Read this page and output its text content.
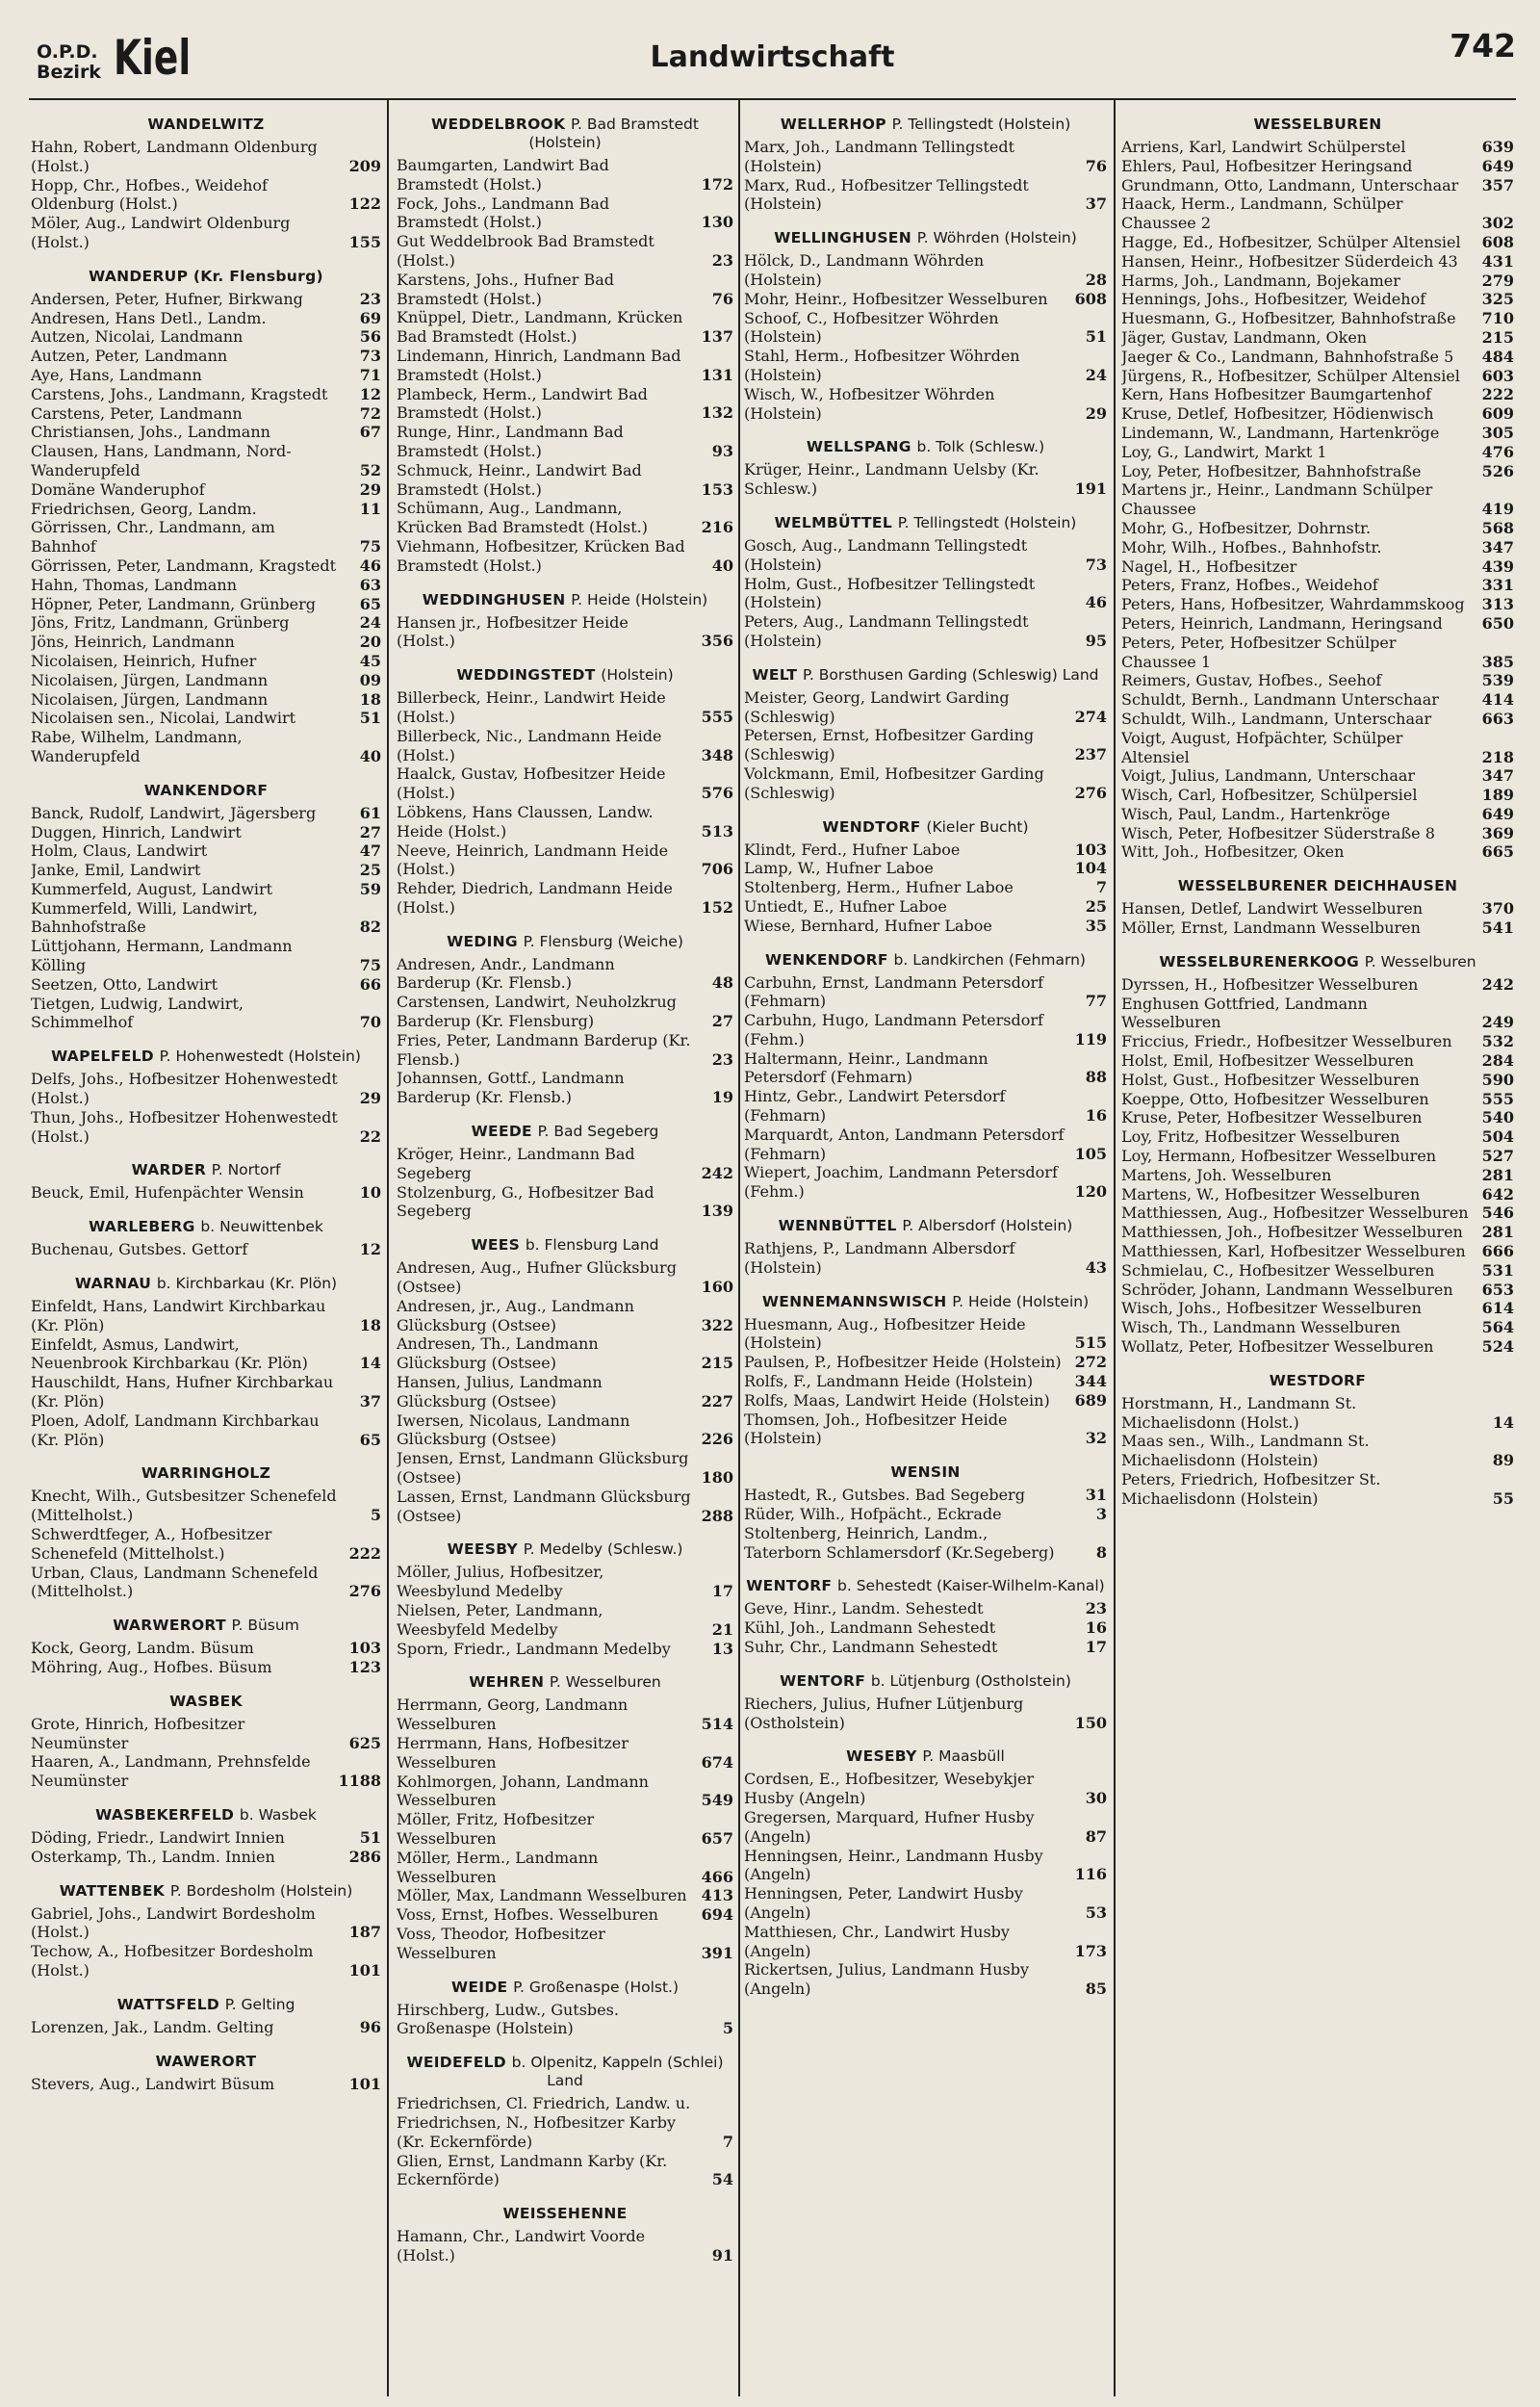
O.P.D.
Bezirk Kiel	Landwirtschaft	742
WANDELWITZ
Hahn, Robert, Landmann Oldenburg (Holst.)	209
Hopp, Chr., Hofbes., Weidehof Oldenburg (Holst.)	122
Möler, Aug., Landwirt Oldenburg (Holst.)	155
WANDERUP (Kr. Flensburg)
Andersen, Peter, Hufner, Birkwang	23
Andresen, Hans Detl., Landm.	69
Autzen, Nicolai, Landmann	56
Autzen, Peter, Landmann	73
Aye, Hans, Landmann	71
Carstens, Johs., Landmann, Kragstedt	12
Carstens, Peter, Landmann	72
Christiansen, Johs., Landmann	67
Clausen, Hans, Landmann, Nord-Wanderupfeld	52
Domäne Wanderuphof	29
Friedrichsen, Georg, Landm.	11
Görrissen, Chr., Landmann, am Bahnhof	75
Görrissen, Peter, Landmann, Kragstedt 46
Hahn, Thomas, Landmann	63
Höpner, Peter, Landmann, Grünberg	65
Jöns, Fritz, Landmann, Grünberg	24
Jöns, Heinrich, Landmann	20
Nicolaisen, Heinrich, Hufner	45
Nicolaisen, Jürgen, Landmann	09
Nicolaisen, Jürgen, Landmann	18
Nicolaisen sen., Nicolai, Landwirt	51
Rabe, Wilhelm, Landmann, Wanderupfeld	40
WANKENDORF
Banck, Rudolf, Landwirt, Jägersberg	61
Duggen, Hinrich, Landwirt	27
Holm, Claus, Landwirt	47
Janke, Emil, Landwirt	25
Kummerfeld, August, Landwirt	59
Kummerfeld, Willi, Landwirt, Bahnhofstraße	82
Lüttjohann, Hermann, Landmann Kölling	75
Seetzen, Otto, Landwirt	66
Tietgen, Ludwig, Landwirt, Schimmelhof	70
WAPELFELD P. Hohenwestedt (Holstein)
Delfs, Johs., Hofbesitzer Hohenwestedt (Holst.)	29
Thun, Johs., Hofbesitzer Hohenwestedt (Holst.)	22
WARDER P. Nortorf
Beuck, Emil, Hufenpächter Wensin	10
WARLEBERG b. Neuwittenbek
Buchenau, Gutsbes. Gettorf	12
WARNAU b. Kirchbarkau (Kr. Plön)
Einfeldt, Hans, Landwirt Kirchbarkau (Kr. Plön)	18
Einfeldt, Asmus, Landwirt, Neuenbrook Kirchbarkau (Kr. Plön)	14
Hauschildt, Hans, Hufner Kirchbarkau (Kr. Plön)	37
Ploen, Adolf, Landmann Kirchbarkau (Kr. Plön)	65
WARRINGHOLZ
Knecht, Wilh., Gutsbesitzer Schenefeld (Mittelholst.)	5
Schwerdtfeger, A., Hofbesitzer Schenefeld (Mittelholst.)	222
Urban, Claus, Landmann Schenefeld (Mittelholst.)	276
WARWERORT P. Büsum
Kock, Georg, Landm. Büsum	103
Möhring, Aug., Hofbes. Büsum	123
WASBEK
Grote, Hinrich, Hofbesitzer Neumünster	625
Haaren, A., Landmann, Prehnsfelde Neumünster	1188
WASBEKERFELD b. Wasbek
Döding, Friedr., Landwirt Innien	51
Osterkamp, Th., Landm. Innien	286
WATTENBEK P. Bordesholm (Holstein)
Gabriel, Johs., Landwirt Bordesholm (Holst.)	187
Techow, A., Hofbesitzer Bordesholm (Holst.)	101
WATTSFELD P. Gelting
Lorenzen, Jak., Landm. Gelting	96
WAWERORT
Stevers, Aug., Landwirt Büsum	101
WEDDELBROOK P. Bad Bramstedt (Holstein)
Baumgarten, Landwirt Bad Bramstedt (Holst.)	172
Fock, Johs., Landmann Bad Bramstedt (Holst.)	130
Gut Weddelbrook Bad Bramstedt (Holst.)	23
Karstens, Johs., Hufner Bad Bramstedt (Holst.)	76
Knüppel, Dietr., Landmann, Krücken Bad Bramstedt (Holst.)	137
Lindemann, Hinrich, Landmann Bad Bramstedt (Holst.)	131
Plambeck, Herm., Landwirt Bad Bramstedt (Holst.)	132
Runge, Hinr., Landmann Bad Bramstedt (Holst.)	93
Schmuck, Heinr., Landwirt Bad Bramstedt (Holst.)	153
Schümann, Aug., Landmann, Krücken Bad Bramstedt (Holst.)	216
Viehmann, Hofbesitzer, Krücken Bad Bramstedt (Holst.)	40
WEDDINGHUSEN P. Heide (Holstein)
Hansen jr., Hofbesitzer Heide (Holst.)	356
WEDDINGSTEDT (Holstein)
Billerbeck, Heinr., Landwirt Heide (Holst.)	555
Billerbeck, Nic., Landmann Heide (Holst.)	348
Haalck, Gustav, Hofbesitzer Heide (Holst.)	576
Löbkens, Hans Claussen, Landw. Heide (Holst.)	513
Neeve, Heinrich, Landmann Heide (Holst.)	706
Rehder, Diedrich, Landmann Heide (Holst.)	152
WEDING P. Flensburg (Weiche)
Andresen, Andr., Landmann Barderup (Kr. Flensb.)	48
Carstensen, Landwirt, Neuholzkrug Barderup (Kr. Flensburg)	27
Fries, Peter, Landmann Barderup (Kr. Flensb.)	23
Johannsen, Gottf., Landmann Barderup (Kr. Flensb.)	19
WEEDE P. Bad Segeberg
Kröger, Heinr., Landmann Bad Segeberg	242
Stolzenburg, G., Hofbesitzer Bad Segeberg	139
WEES b. Flensburg Land
Andresen, Aug., Hufner Glücksburg (Ostsee)	160
Andresen, jr., Aug., Landmann Glücksburg (Ostsee)	322
Andresen, Th., Landmann Glücksburg (Ostsee)	215
Hansen, Julius, Landmann Glücksburg (Ostsee)	227
Iwersen, Nicolaus, Landmann Glücksburg (Ostsee)	226
Jensen, Ernst, Landmann Glücksburg (Ostsee)	180
Lassen, Ernst, Landmann Glücksburg (Ostsee)	288
WEESBY P. Medelby (Schlesw.)
Möller, Julius, Hofbesitzer, Weesbylund Medelby	17
Nielsen, Peter, Landmann, Weesbyfeld Medelby	21
Sporn, Friedr., Landmann Medelby	13
WEHREN P. Wesselburen
Herrmann, Georg, Landmann Wesselburen	514
Herrmann, Hans, Hofbesitzer Wesselburen	674
Kohlmorgen, Johann, Landmann Wesselburen	549
Möller, Fritz, Hofbesitzer Wesselburen	657
Möller, Herm., Landmann Wesselburen	466
Möller, Max, Landmann Wesselburen 413
Voss, Ernst, Hofbes. Wesselburen	694
Voss, Theodor, Hofbesitzer Wesselburen	391
WEIDE P. Großenaspe (Holst.)
Hirschberg, Ludw., Gutsbes. Großenaspe (Holstein)	5
WEIDEFELD b. Olpenitz, Kappeln (Schlei) Land
Friedrichsen, Cl. Friedrich, Landw. u. Friedrichsen, N., Hofbesitzer Karby (Kr. Eckernförde)	7
Glien, Ernst, Landmann Karby (Kr. Eckernförde)	54
WEISSEHENNE
Hamann, Chr., Landwirt Voorde (Holst.)	91
WELLERHOP P. Tellingstedt (Holstein)
Marx, Joh., Landmann Tellingstedt (Holstein)	76
Marx, Rud., Hofbesitzer Tellingstedt (Holstein)	37
WELLINGHUSEN P. Wöhrden (Holstein)
Hölck, D., Landmann Wöhrden (Holstein)	28
Mohr, Heinr., Hofbesitzer Wesselburen	608
Schoof, C., Hofbesitzer Wöhrden (Holstein)	51
Stahl, Herm., Hofbesitzer Wöhrden (Holstein)	24
Wisch, W., Hofbesitzer Wöhrden (Holstein)	29
WELLSPANG b. Tolk (Schlesw.)
Krüger, Heinr., Landmann Uelsby (Kr. Schlesw.)	191
WELMBÜTTEL P. Tellingstedt (Holstein)
Gosch, Aug., Landmann Tellingstedt (Holstein)	73
Holm, Gust., Hofbesitzer Tellingstedt (Holstein)	46
Peters, Aug., Landmann Tellingstedt (Holstein)	95
WELT P. Borsthusen Garding (Schleswig) Land
Meister, Georg, Landwirt Garding (Schleswig)	274
Petersen, Ernst, Hofbesitzer Garding (Schleswig)	237
Volckmann, Emil, Hofbesitzer Garding (Schleswig)	276
WENDTORF (Kieler Bucht)
Klindt, Ferd., Hufner Laboe	103
Lamp, W., Hufner Laboe	104
Stoltenberg, Herm., Hufner Laboe	7
Untiedt, E., Hufner Laboe	25
Wiese, Bernhard, Hufner Laboe	35
WENKENDORF b. Landkirchen (Fehmarn)
Carbuhn, Ernst, Landmann Petersdorf (Fehmarn)	77
Carbuhn, Hugo, Landmann Petersdorf (Fehm.)	119
Haltermann, Heinr., Landmann Petersdorf (Fehmarn)	88
Hintz, Gebr., Landwirt Petersdorf (Fehmarn)	16
Marquardt, Anton, Landmann Petersdorf (Fehmarn)	105
Wiepert, Joachim, Landmann Petersdorf (Fehm.)	120
WENNBÜTTEL P. Albersdorf (Holstein)
Rathjens, P., Landmann Albersdorf (Holstein)	43
WENNEMANNSWISCH P. Heide (Holstein)
Huesmann, Aug., Hofbesitzer Heide (Holstein)	515
Paulsen, P., Hofbesitzer Heide (Holstein) 272
Rolfs, F., Landmann Heide (Holstein)	344
Rolfs, Maas, Landwirt Heide (Holstein)	689
Thomsen, Joh., Hofbesitzer Heide (Holstein)	32
WENSIN
Hastedt, R., Gutsbes. Bad Segeberg	31
Rüder, Wilh., Hofpächt., Eckrade	3
Stoltenberg, Heinrich, Landm., Taterborn Schlamersdorf (Kr.Segeberg)	8
WENTORF b. Sehestedt (Kaiser-Wilhelm-Kanal)
Geve, Hinr., Landm. Sehestedt	23
Kühl, Joh., Landmann Sehestedt	16
Suhr, Chr., Landmann Sehestedt	17
WENTORF b. Lütjenburg (Ostholstein)
Riechers, Julius, Hufner Lütjenburg (Ostholstein)	150
WESEBY P. Maasbüll
Cordsen, E., Hofbesitzer, Wesebykjer Husby (Angeln)	30
Gregersen, Marquard, Hufner Husby (Angeln)	87
Henningsen, Heinr., Landmann Husby (Angeln)	116
Henningsen, Peter, Landwirt Husby (Angeln)	53
Matthiesen, Chr., Landwirt Husby (Angeln)	173
Rickertsen, Julius, Landmann Husby (Angeln)	85
WESSELBUREN
Arriens, Karl, Landwirt Schülperstel	639
Ehlers, Paul, Hofbesitzer Heringsand	649
Grundmann, Otto, Landmann, Unterschaar	357
Haack, Herm., Landmann, Schülper Chaussee 2	302
Hagge, Ed., Hofbesitzer, Schülper Altensiel	608
Hansen, Heinr., Hofbesitzer Süderdeich 43	431
Harms, Joh., Landmann, Bojekamer	279
Hennings, Johs., Hofbesitzer, Weidehof	325
Huesmann, G., Hofbesitzer, Bahnhofstraße	710
Jäger, Gustav, Landmann, Oken	215
Jaeger & Co., Landmann, Bahnhofstraße 5	484
Jürgens, R., Hofbesitzer, Schülper Altensiel	603
Kern, Hans Hofbesitzer Baumgartenhof	222
Kruse, Detlef, Hofbesitzer, Hödienwisch	609
Lindemann, W., Landmann, Hartenkröge	305
Loy, G., Landwirt, Markt 1	476
Loy, Peter, Hofbesitzer, Bahnhofstraße	526
Martens jr., Heinr., Landmann Schülper Chaussee	419
Mohr, G., Hofbesitzer, Dohrnstr.	568
Mohr, Wilh., Hofbes., Bahnhofstr.	347
Nagel, H., Hofbesitzer	439
Peters, Franz, Hofbes., Weidehof	331
Peters, Hans, Hofbesitzer, Wahrdammskoog	313
Peters, Heinrich, Landmann, Heringsand	650
Peters, Peter, Hofbesitzer Schülper Chaussee 1	385
Reimers, Gustav, Hofbes., Seehof	539
Schuldt, Bernh., Landmann Unterschaar	414
Schuldt, Wilh., Landmann, Unterschaar	663
Voigt, August, Hofpächter, Schülper Altensiel	218
Voigt, Julius, Landmann, Unterschaar	347
Wisch, Carl, Hofbesitzer, Schülpersiel	189
Wisch, Paul, Landm., Hartenkröge	649
Wisch, Peter, Hofbesitzer Süderstraße 8	369
Witt, Joh., Hofbesitzer, Oken	665
WESSELBURENER DEICHHAUSEN
Hansen, Detlef, Landwirt Wesselburen	370
Möller, Ernst, Landmann Wesselburen	541
WESSELBURENERKOOG P. Wesselburen
Dyrssen, H., Hofbesitzer Wesselburen	242
Enghusen Gottfried, Landmann Wesselburen	249
Friccius, Friedr., Hofbesitzer Wesselburen	532
Holst, Emil, Hofbesitzer Wesselburen	284
Holst, Gust., Hofbesitzer Wesselburen	590
Koeppe, Otto, Hofbesitzer Wesselburen	555
Kruse, Peter, Hofbesitzer Wesselburen	540
Loy, Fritz, Hofbesitzer Wesselburen	504
Loy, Hermann, Hofbesitzer Wesselburen	527
Martens, Joh. Wesselburen	281
Martens, W., Hofbesitzer Wesselburen	642
Matthiessen, Aug., Hofbesitzer Wesselburen 546
Matthiessen, Joh., Hofbesitzer Wesselburen	281
Matthiessen, Karl, Hofbesitzer Wesselburen	666
Schmielau, C., Hofbesitzer Wesselburen	531
Schröder, Johann, Landmann Wesselburen	653
Wisch, Johs., Hofbesitzer Wesselburen	614
Wisch, Th., Landmann Wesselburen	564
Wollatz, Peter, Hofbesitzer Wesselburen	524
WESTDORF
Horstmann, H., Landmann St. Michaelisdonn (Holst.)	14
Maas sen., Wilh., Landmann St. Michaelisdonn (Holstein)	89
Peters, Friedrich, Hofbesitzer St. Michaelisdonn (Holstein)	55
